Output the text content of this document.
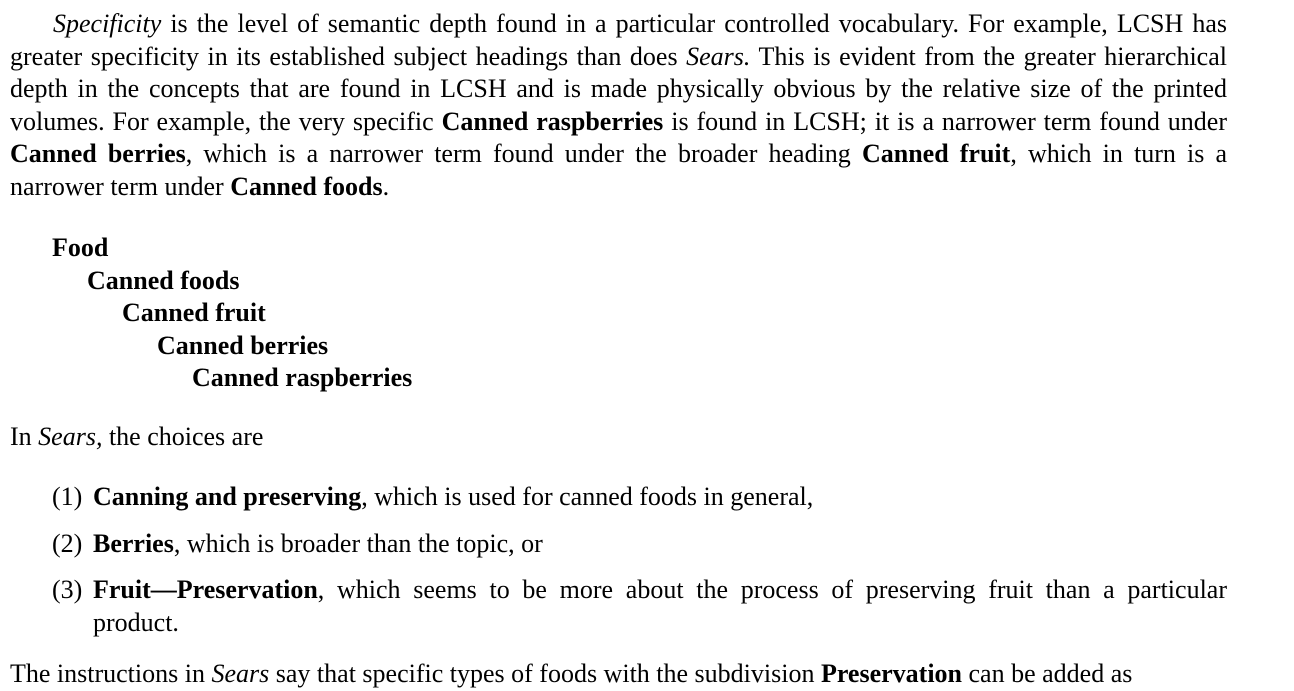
Specificity is the level of semantic depth found in a particular controlled vocabulary. For example, LCSH has greater specificity in its established subject headings than does Sears. This is evident from the greater hierarchical depth in the concepts that are found in LCSH and is made physically obvious by the relative size of the printed volumes. For example, the very specific Canned raspberries is found in LCSH; it is a narrower term found under Canned berries, which is a narrower term found under the broader heading Canned fruit, which in turn is a narrower term under Canned foods.

Food
Canned foods
Canned fruit
Canned berries
Canned raspberries
In Sears, the choices are
(1) Canning and preserving, which is used for canned foods in general,
(2) Berries, which is broader than the topic, or
(3) Fruit—Preservation, which seems to be more about the process of preserving fruit than a particular product.
The instructions in Sears say that specific types of foods with the subdivision Preservation can be added as
